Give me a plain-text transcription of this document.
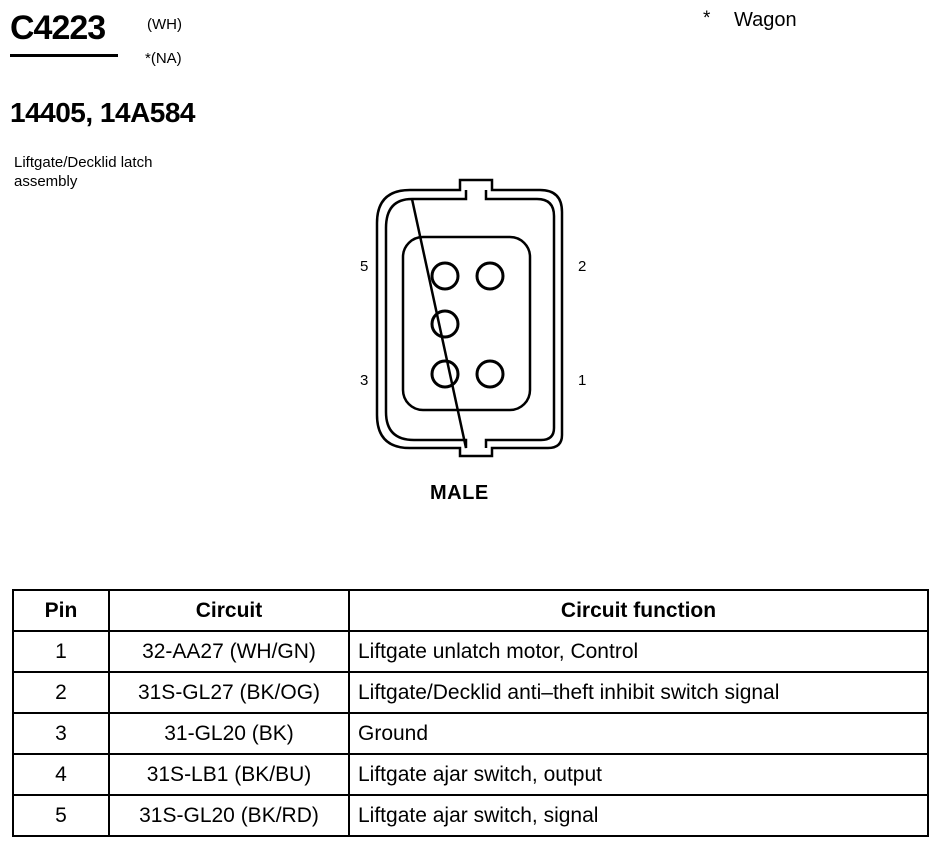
C4223	(WH)
*(NA)
* Wagon
14405, 14A584
Liftgate/Decklid latch assembly
5	2
3	1
MALE
Pin	Circuit	Circuit function
1	32-AA27 (WH/GN)	Liftgate unlatch motor, Control
2	31S-GL27 (BK/OG)	Liftgate/Decklid anti–theft inhibit switch signal
3	31-GL20 (BK)	Ground
4	31S-LB1 (BK/BU)	Liftgate ajar switch, output
5	31S-GL20 (BK/RD)	Liftgate ajar switch, signal
